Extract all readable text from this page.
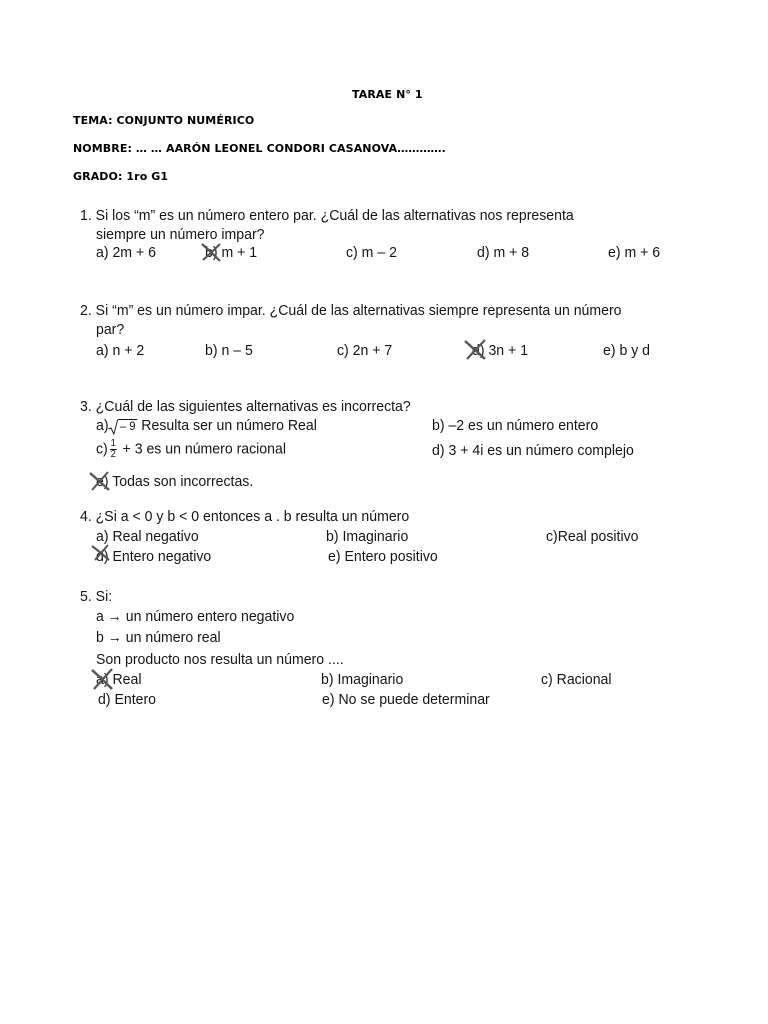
TARAE N° 1
TEMA: CONJUNTO NUMÉRICO
NOMBRE: … … AARÓN LEONEL CONDORI CASANOVA………….
GRADO: 1ro G1
1. Si los “m” es un número entero par. ¿Cuál de las alternativas nos representa
siempre un número impar?
a) 2m + 6	b) m + 1	c) m – 2	d) m + 8	e) m + 6
2. Si “m” es un número impar. ¿Cuál de las alternativas siempre representa un número
par?
a) n + 2	b) n – 5	c) 2n + 7	d) 3n + 1	e) b y d
3. ¿Cuál de las siguientes alternativas es incorrecta?
a) – 9 Resulta ser un número Real	b) –2 es un número entero
$c) \frac{1}{2} + 3$ es un número racional	d) 3 + 4i es un número complejo
e) Todas son incorrectas.
4. ¿Si a < 0 y b < 0 entonces a . b resulta un número
a) Real negativo	b) Imaginario	c)Real positivo
d) Entero negativo	e) Entero positivo
5. Si:
a → un número entero negativo
b → un número real
Son producto nos resulta un número ....
a) Real	b) Imaginario	c) Racional
d) Entero	e) No se puede determinar
